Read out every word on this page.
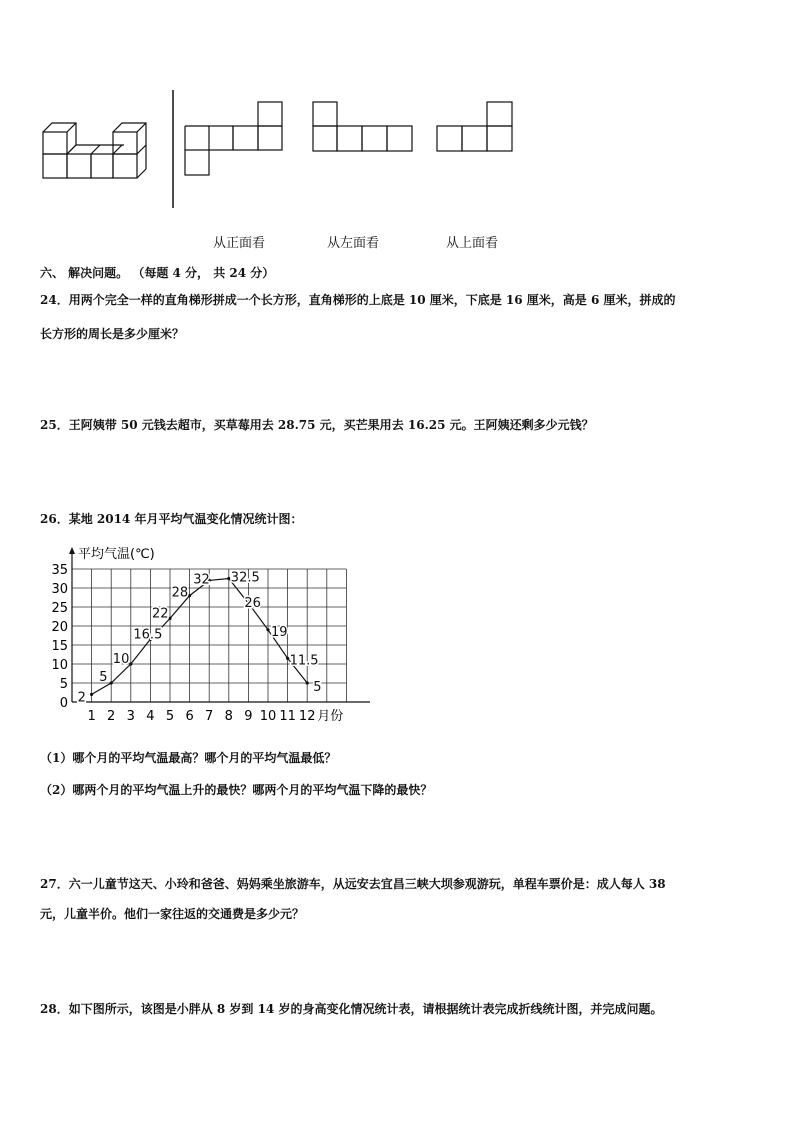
从正面看	从左面看	从上面看
六、 解决问题。 （每题 4 分， 共 24 分）
24．用两个完全一样的直角梯形拼成一个长方形，直角梯形的上底是 10 厘米，下底是 16 厘米，高是 6 厘米，拼成的
长方形的周长是多少厘米？
25．王阿姨带 50 元钱去超市，买草莓用去 28.75 元，买芒果用去 16.25 元。王阿姨还剩多少元钱？
26．某地 2014 年月平均气温变化情况统计图：
0
5
10
15
20
25
30
35
1 2 3 4 5 6 7 8 9 10 11 12
平均气温(℃)
月份
2
5
10
16.5
22
28
32 32.5
26
19
11.5
5
（1）哪个月的平均气温最高？哪个月的平均气温最低？
（2）哪两个月的平均气温上升的最快？哪两个月的平均气温下降的最快？
27．六一儿童节这天、小玲和爸爸、妈妈乘坐旅游车，从远安去宜昌三峡大坝参观游玩，单程车票价是：成人每人 38
元，儿童半价。他们一家往返的交通费是多少元？
28．如下图所示，该图是小胖从 8 岁到 14 岁的身高变化情况统计表，请根据统计表完成折线统计图，并完成问题。
